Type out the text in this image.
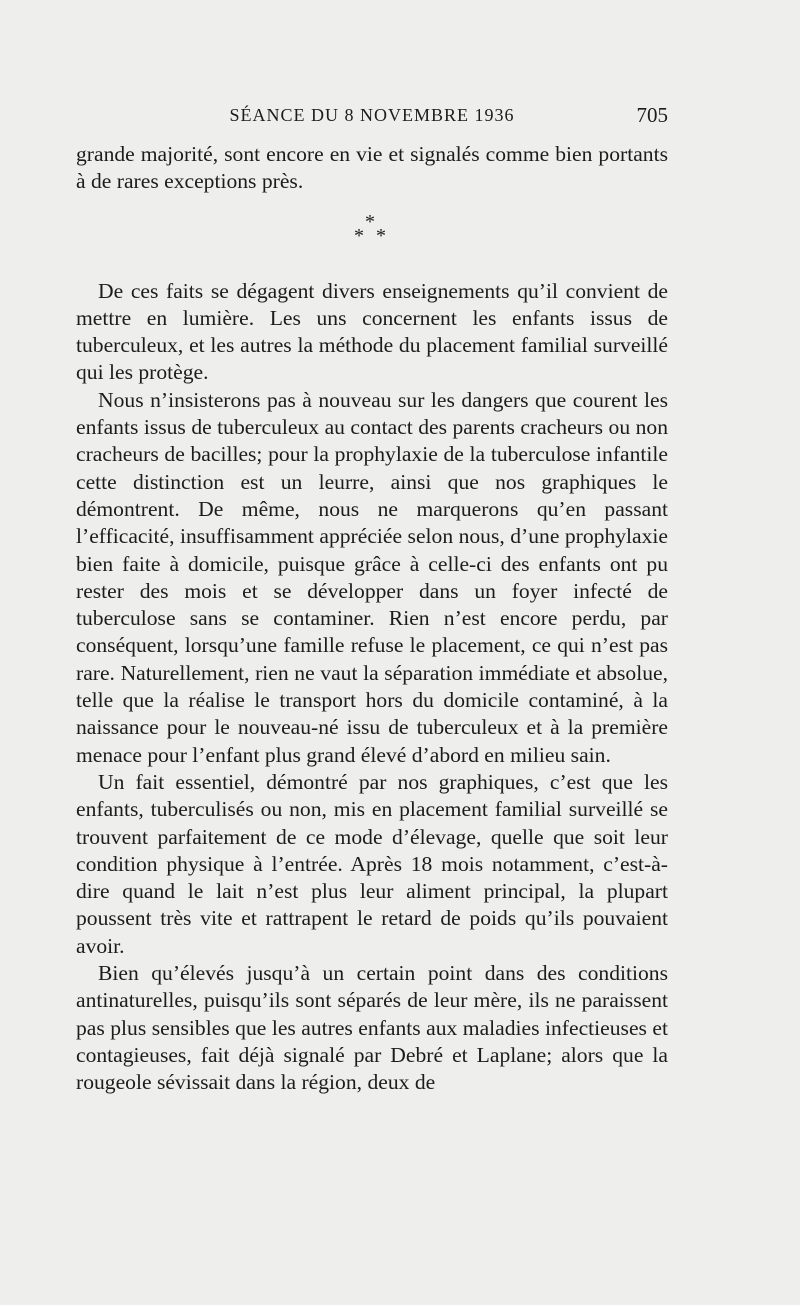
SÉANCE DU 8 NOVEMBRE 1936	705

grande majorité, sont encore en vie et signalés comme bien portants à de rares exceptions près.

*
* *

De ces faits se dégagent divers enseignements qu’il convient de mettre en lumière. Les uns concernent les enfants issus de tuberculeux, et les autres la méthode du placement familial surveillé qui les protège.

Nous n’insisterons pas à nouveau sur les dangers que courent les enfants issus de tuberculeux au contact des parents cracheurs ou non cracheurs de bacilles; pour la prophylaxie de la tuberculose infantile cette distinction est un leurre, ainsi que nos graphiques le démontrent. De même, nous ne marquerons qu’en passant l’efficacité, insuffisamment appréciée selon nous, d’une prophylaxie bien faite à domicile, puisque grâce à celle-ci des enfants ont pu rester des mois et se développer dans un foyer infecté de tuberculose sans se contaminer. Rien n’est encore perdu, par conséquent, lorsqu’une famille refuse le placement, ce qui n’est pas rare. Naturellement, rien ne vaut la séparation immédiate et absolue, telle que la réalise le transport hors du domicile contaminé, à la naissance pour le nouveau-né issu de tuberculeux et à la première menace pour l’enfant plus grand élevé d’abord en milieu sain.

Un fait essentiel, démontré par nos graphiques, c’est que les enfants, tuberculisés ou non, mis en placement familial surveillé se trouvent parfaitement de ce mode d’élevage, quelle que soit leur condition physique à l’entrée. Après 18 mois notamment, c’est-à-dire quand le lait n’est plus leur aliment principal, la plupart poussent très vite et rattrapent le retard de poids qu’ils pouvaient avoir.

Bien qu’élevés jusqu’à un certain point dans des conditions antinaturelles, puisqu’ils sont séparés de leur mère, ils ne paraissent pas plus sensibles que les autres enfants aux maladies infectieuses et contagieuses, fait déjà signalé par Debré et Laplane; alors que la rougeole sévissait dans la région, deux de
